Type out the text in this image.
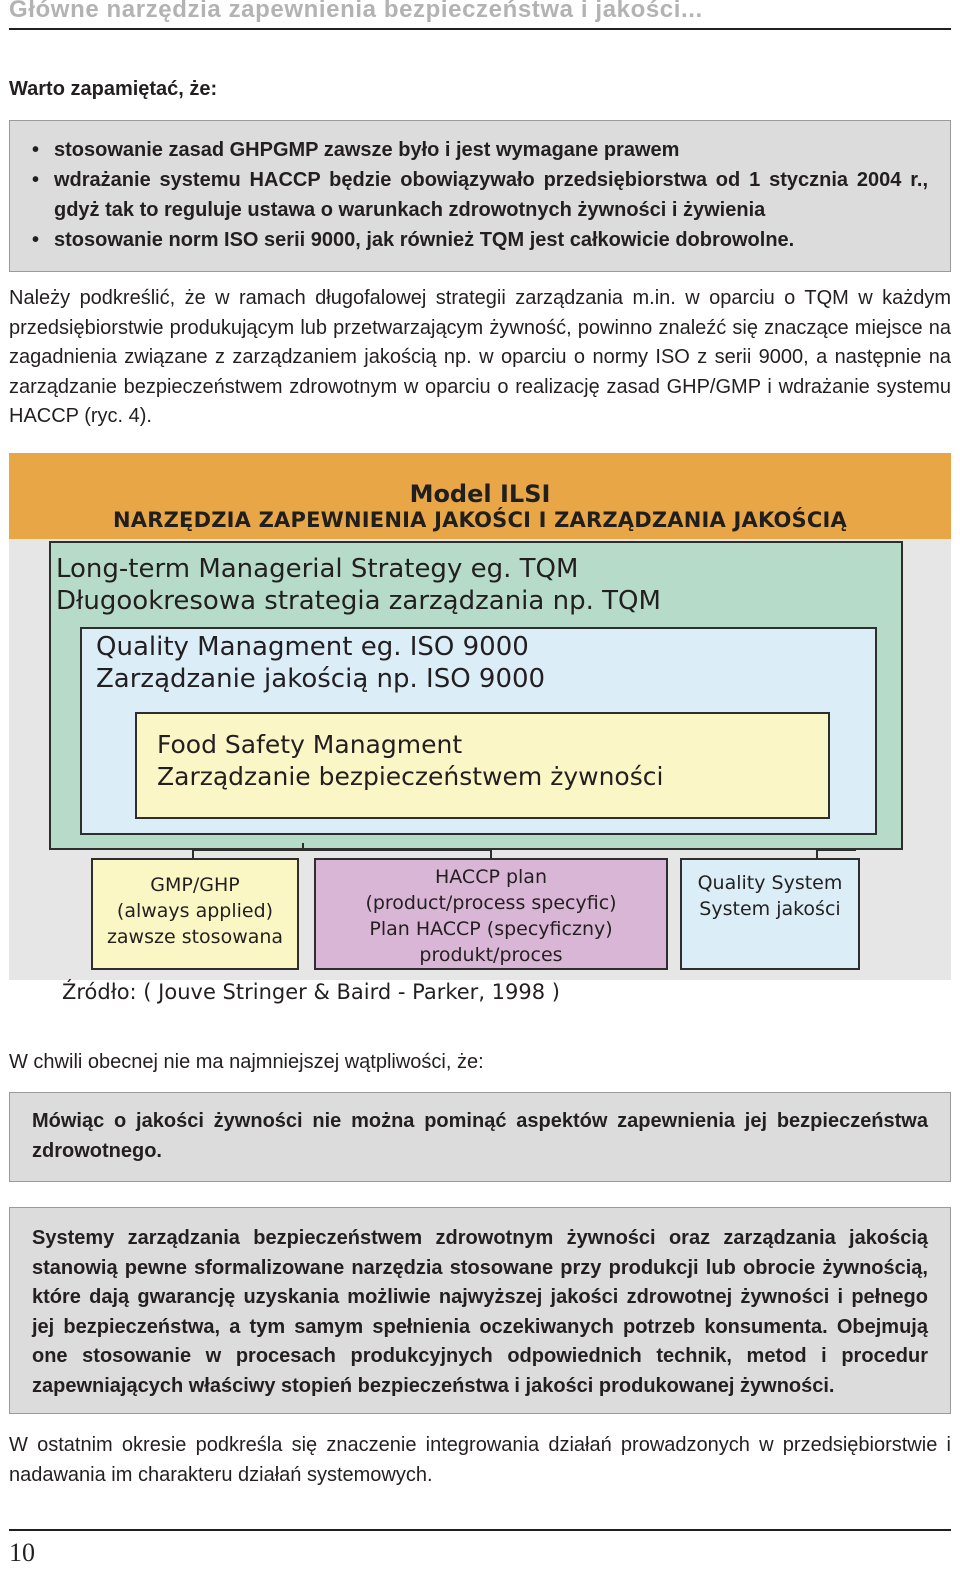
Główne narzędzia zapewnienia bezpieczeństwa i jakości...
Warto zapamiętać, że:
• stosowanie zasad GHPGMP zawsze było i jest wymagane prawem
• wdrażanie systemu HACCP będzie obowiązywało przedsiębiorstwa od 1 stycznia 2004 r., gdyż tak to reguluje ustawa o warunkach zdrowotnych żywności i żywienia
• stosowanie norm ISO serii 9000, jak również TQM jest całkowicie dobrowolne.
Należy podkreślić, że w ramach długofalowej strategii zarządzania m.in. w oparciu o TQM w każdym przedsiębiorstwie produkującym lub przetwarzającym żywność, powinno znaleźć się znaczące miejsce na zagadnienia związane z zarządzaniem jakością np. w oparciu o normy ISO z serii 9000, a następnie na zarządzanie bezpieczeństwem zdrowotnym w oparciu o realizację zasad GHP/GMP i wdrażanie systemu HACCP (ryc. 4).
Model ILSI
NARZĘDZIA ZAPEWNIENIA JAKOŚCI I ZARZĄDZANIA JAKOŚCIĄ
Long-term Managerial Strategy eg. TQM
Długookresowa strategia zarządzania np. TQM
Quality Managment eg. ISO 9000
Zarządzanie jakością np. ISO 9000
Food Safety Managment
Zarządzanie bezpieczeństwem żywności
GMP/GHP
(always applied)
zawsze stosowana
HACCP plan
(product/process specyfic)
Plan HACCP (specyficzny)
produkt/proces
Quality System
System jakości
Źródło: ( Jouve Stringer & Baird - Parker, 1998 )
W chwili obecnej nie ma najmniejszej wątpliwości, że:
Mówiąc o jakości żywności nie można pominąć aspektów zapewnienia jej bezpieczeństwa zdrowotnego.
Systemy zarządzania bezpieczeństwem zdrowotnym żywności oraz zarządzania jakością stanowią pewne sformalizowane narzędzia stosowane przy produkcji lub obrocie żywnością, które dają gwarancję uzyskania możliwie najwyższej jakości zdrowotnej żywności i pełnego jej bezpieczeństwa, a tym samym spełnienia oczekiwanych potrzeb konsumenta. Obejmują one stosowanie w procesach produkcyjnych odpowiednich technik, metod i procedur zapewniających właściwy stopień bezpieczeństwa i jakości produkowanej żywności.
W ostatnim okresie podkreśla się znaczenie integrowania działań prowadzonych w przedsiębiorstwie i nadawania im charakteru działań systemowych.
10
